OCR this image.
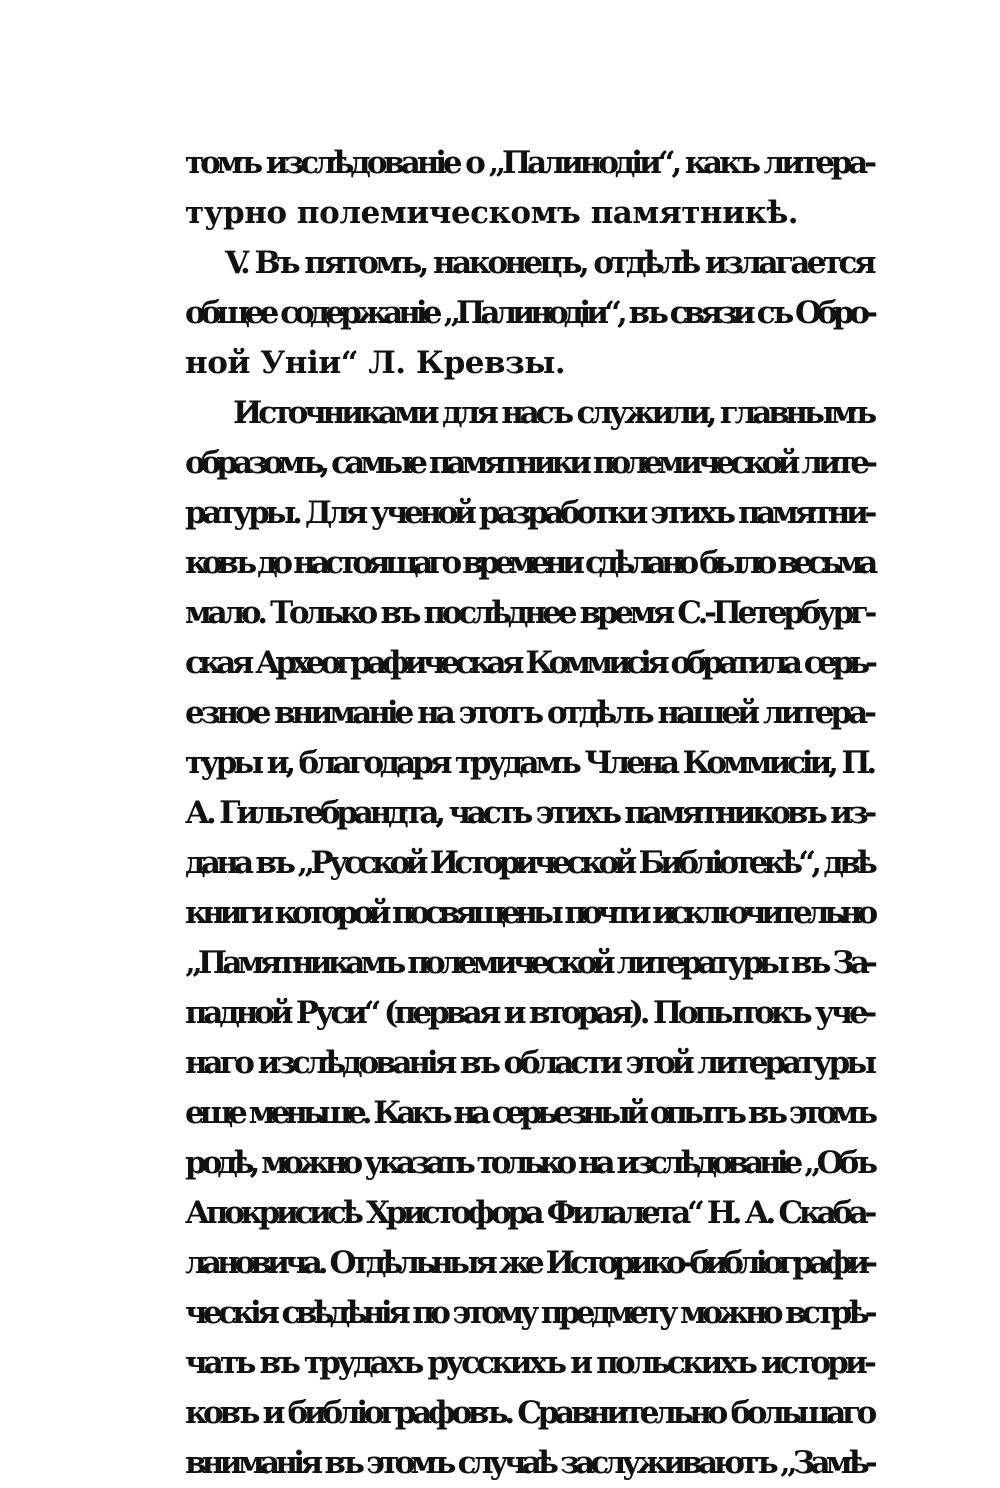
томъ изслѣдованіе о „Палинодіи“, какъ литера-
турно полемическомъ памятникѣ.
V. Въ пятомъ, наконецъ, отдѣлѣ излагается
общее содержаніе „Палинодіи“, въ связи съ Обро-
ной Уніи“ Л. Кревзы.
Источниками для насъ служили, главнымъ
образомъ, самые памятники полемической лите-
ратуры. Для ученой разработки этихъ памятни-
ковъ до настоящаго времени сдѣлано было весьма
мало. Только въ послѣднее время С.-Петербург-
ская Археографическая Коммисія обратила серь-
езное вниманіе на этотъ отдѣлъ нашей литера-
туры и, благодаря трудамъ Члена Коммисіи, П.
А. Гильтебрандта, часть этихъ памятниковъ из-
дана въ „Русской Исторической Библіотекѣ“, двѣ
книги которой посвящены почти исключительно
„Памятникамъ полемической литературы въ За-
падной Руси“ (первая и вторая). Попытокъ уче-
наго изслѣдованія въ области этой литературы
еще меньше. Какъ на серьезный опытъ въ этомъ
родѣ, можно указать только на изслѣдованіе „Объ
Апокрисисѣ Христофора Филалета“ Н. А. Скаба-
лановича. Отдѣльныя же Историко-библіографи-
ческія свѣдѣнія по этому предмету можно встрѣ-
чать въ трудахъ русскихъ и польскихъ истори-
ковъ и библіографовъ. Сравнительно большаго
вниманія въ этомъ случаѣ заслуживаютъ „Замѣ-
